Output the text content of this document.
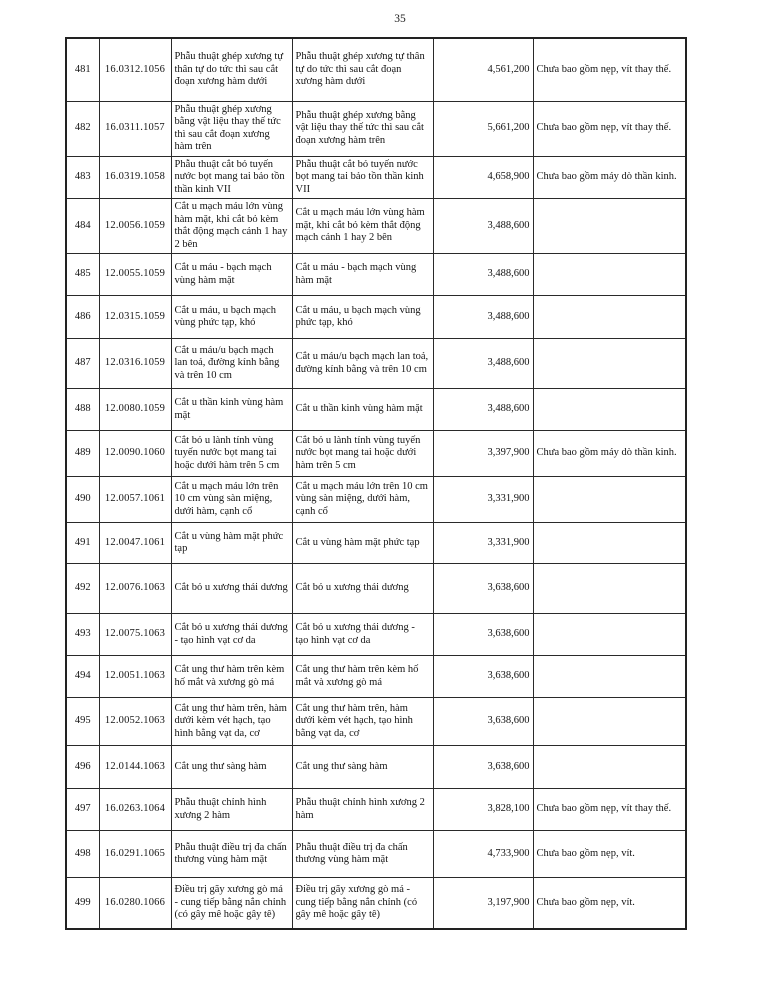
35
481	16.0312.1056	Phẫu thuật ghép xương tự thân tự do tức thì sau cắt đoạn xương hàm dưới	Phẫu thuật ghép xương tự thân tự do tức thì sau cắt đoạn xương hàm dưới	4,561,200	Chưa bao gồm nẹp, vít thay thế.
482	16.0311.1057	Phẫu thuật ghép xương bằng vật liệu thay thế tức thì sau cắt đoạn xương hàm trên	Phẫu thuật ghép xương bằng vật liệu thay thế tức thì sau cắt đoạn xương hàm trên	5,661,200	Chưa bao gồm nẹp, vít thay thế.
483	16.0319.1058	Phẫu thuật cắt bỏ tuyến nước bọt mang tai bảo tồn thần kinh VII	Phẫu thuật cắt bỏ tuyến nước bọt mang tai bảo tồn thần kinh VII	4,658,900	Chưa bao gồm máy dò thần kinh.
484	12.0056.1059	Cắt u mạch máu lớn vùng hàm mặt, khi cắt bỏ kèm thắt động mạch cảnh 1 hay 2 bên	Cắt u mạch máu lớn vùng hàm mặt, khi cắt bỏ kèm thắt động mạch cảnh 1 hay 2 bên	3,488,600	
485	12.0055.1059	Cắt u máu - bạch mạch vùng hàm mặt	Cắt u máu - bạch mạch vùng hàm mặt	3,488,600	
486	12.0315.1059	Cắt u máu, u bạch mạch vùng phức tạp, khó	Cắt u máu, u bạch mạch vùng phức tạp, khó	3,488,600	
487	12.0316.1059	Cắt u máu/u bạch mạch lan toả, đường kính bằng và trên 10 cm	Cắt u máu/u bạch mạch lan toả, đường kính bằng và trên 10 cm	3,488,600	
488	12.0080.1059	Cắt u thần kinh vùng hàm mặt	Cắt u thần kinh vùng hàm mặt	3,488,600	
489	12.0090.1060	Cắt bỏ u lành tính vùng tuyến nước bọt mang tai hoặc dưới hàm trên 5 cm	Cắt bỏ u lành tính vùng tuyến nước bọt mang tai hoặc dưới hàm trên 5 cm	3,397,900	Chưa bao gồm máy dò thần kinh.
490	12.0057.1061	Cắt u mạch máu lớn trên 10 cm vùng sàn miệng, dưới hàm, cạnh cổ	Cắt u mạch máu lớn trên 10 cm vùng sàn miệng, dưới hàm, cạnh cổ	3,331,900	
491	12.0047.1061	Cắt u vùng hàm mặt phức tạp	Cắt u vùng hàm mặt phức tạp	3,331,900	
492	12.0076.1063	Cắt bỏ u xương thái dương	Cắt bỏ u xương thái dương	3,638,600	
493	12.0075.1063	Cắt bỏ u xương thái dương - tạo hình vạt cơ da	Cắt bỏ u xương thái dương - tạo hình vạt cơ da	3,638,600	
494	12.0051.1063	Cắt ung thư hàm trên kèm hố mắt và xương gò má	Cắt ung thư hàm trên kèm hố mắt và xương gò má	3,638,600	
495	12.0052.1063	Cắt ung thư hàm trên, hàm dưới kèm vét hạch, tạo hình bằng vạt da, cơ	Cắt ung thư hàm trên, hàm dưới kèm vét hạch, tạo hình bằng vạt da, cơ	3,638,600	
496	12.0144.1063	Cắt ung thư sàng hàm	Cắt ung thư sàng hàm	3,638,600	
497	16.0263.1064	Phẫu thuật chỉnh hình xương 2 hàm	Phẫu thuật chỉnh hình xương 2 hàm	3,828,100	Chưa bao gồm nẹp, vít thay thế.
498	16.0291.1065	Phẫu thuật điều trị đa chấn thương vùng hàm mặt	Phẫu thuật điều trị đa chấn thương vùng hàm mặt	4,733,900	Chưa bao gồm nẹp, vít.
499	16.0280.1066	Điều trị gãy xương gò má - cung tiếp bằng nắn chỉnh (có gây mê hoặc gây tê)	Điều trị gãy xương gò má - cung tiếp bằng nắn chỉnh (có gây mê hoặc gây tê)	3,197,900	Chưa bao gồm nẹp, vít.
